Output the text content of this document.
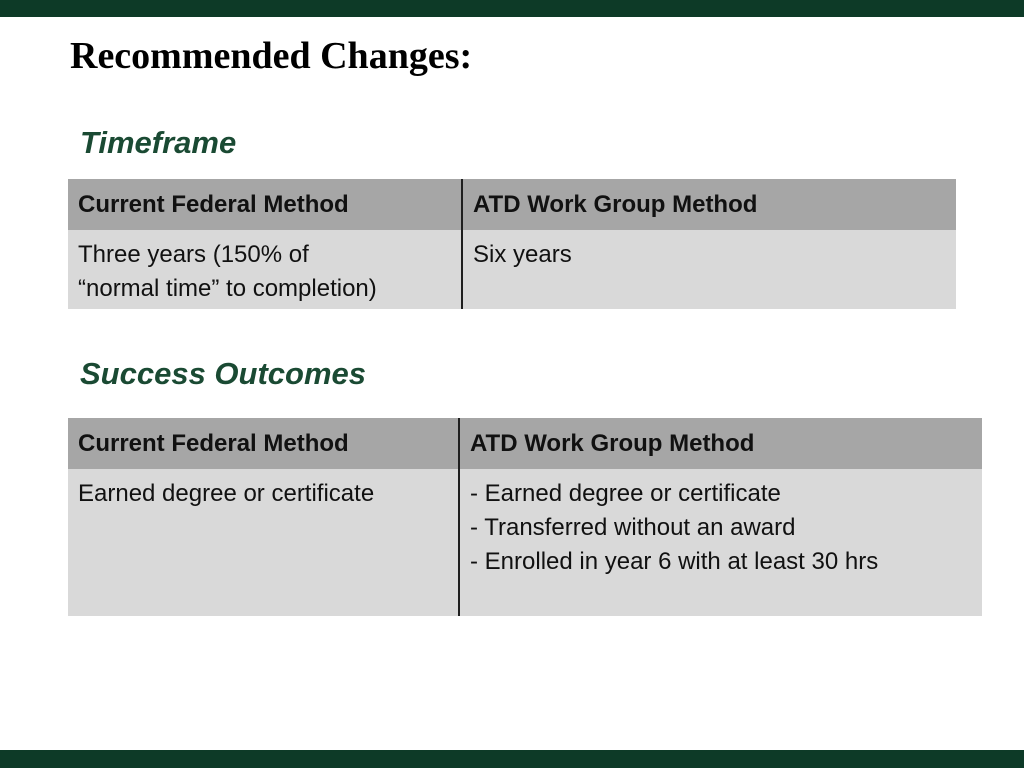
Recommended Changes:
Timeframe
Current Federal Method	ATD Work Group Method

Three years (150% of
“normal time” to completion)	Six years
Success Outcomes
Current Federal Method	ATD Work Group Method
Earned degree or certificate	- Earned degree or certificate
- Transferred without an award
- Enrolled in year 6 with at least 30 hrs
